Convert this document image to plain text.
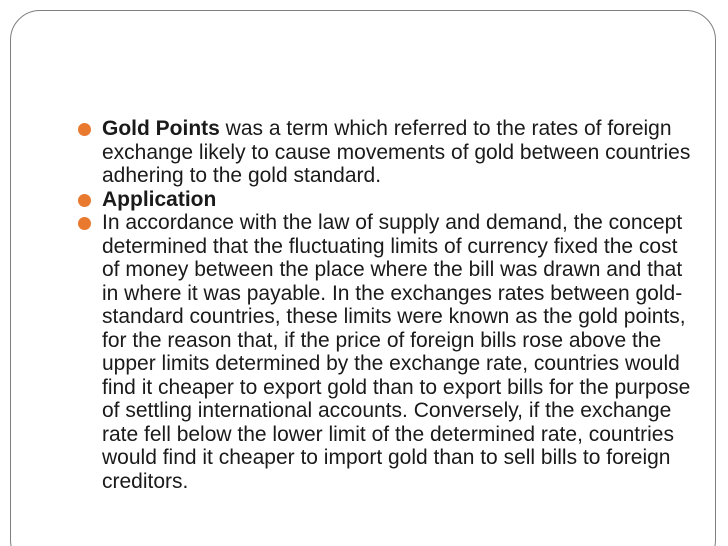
Gold Points was a term which referred to the rates of foreign exchange likely to cause movements of gold between countries adhering to the gold standard.
Application
In accordance with the law of supply and demand, the concept determined that the fluctuating limits of currency fixed the cost of money between the place where the bill was drawn and that in where it was payable. In the exchanges rates between gold-standard countries, these limits were known as the gold points, for the reason that, if the price of foreign bills rose above the upper limits determined by the exchange rate, countries would find it cheaper to export gold than to export bills for the purpose of settling international accounts. Conversely, if the exchange rate fell below the lower limit of the determined rate, countries would find it cheaper to import gold than to sell bills to foreign creditors.
